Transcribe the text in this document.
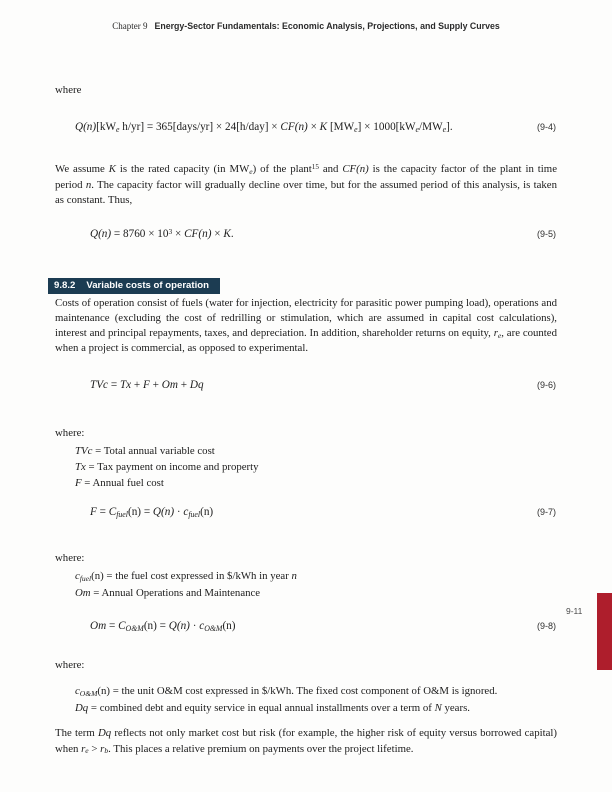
Chapter 9 Energy-Sector Fundamentals: Economic Analysis, Projections, and Supply Curves
where
Q(n)[kWe h/yr] = 365[days/yr] × 24[h/day] × CF(n) × K [MWe] × 1000[kWe/MWe].	(9-4)

We assume K is the rated capacity (in MWe) of the plant$^{15}$ and CF(n) is the capacity factor of the plant in time period n. The capacity factor will gradually decline over time, but for the assumed period of this analysis, is taken as constant. Thus,

$Q(n) = 8760 \times 10^3 \times CF(n) \times K$.	(9-5)
9.8.2 Variable costs of operation

Costs of operation consist of fuels (water for injection, electricity for parasitic power pumping load), operations and maintenance (excluding the cost of redrilling or stimulation, which are assumed in capital cost calculations), interest and principal repayments, taxes, and depreciation. In addition, shareholder returns on equity, re, are counted when a project is commercial, as opposed to experimental.

TVc = Tx + F + Om + Dq	(9-6)
where:
TVc = Total annual variable cost
Tx = Tax payment on income and property
F = Annual fuel cost
F = Cfuel(n) = Q(n) · cfuel(n)	(9-7)
where:
cfuel(n) = the fuel cost expressed in $/kWh in year n
Om = Annual Operations and Maintenance
Om = CO&M(n) = Q(n) · cO&M(n)	(9-8)
where:
cO&M(n) = the unit O&M cost expressed in $/kWh. The fixed cost component of O&M is ignored.
Dq = combined debt and equity service in equal annual installments over a term of N years.

The term Dq reflects not only market cost but risk (for example, the higher risk of equity versus borrowed capital) when re > rb. This places a relative premium on payments over the project lifetime.

9-11
